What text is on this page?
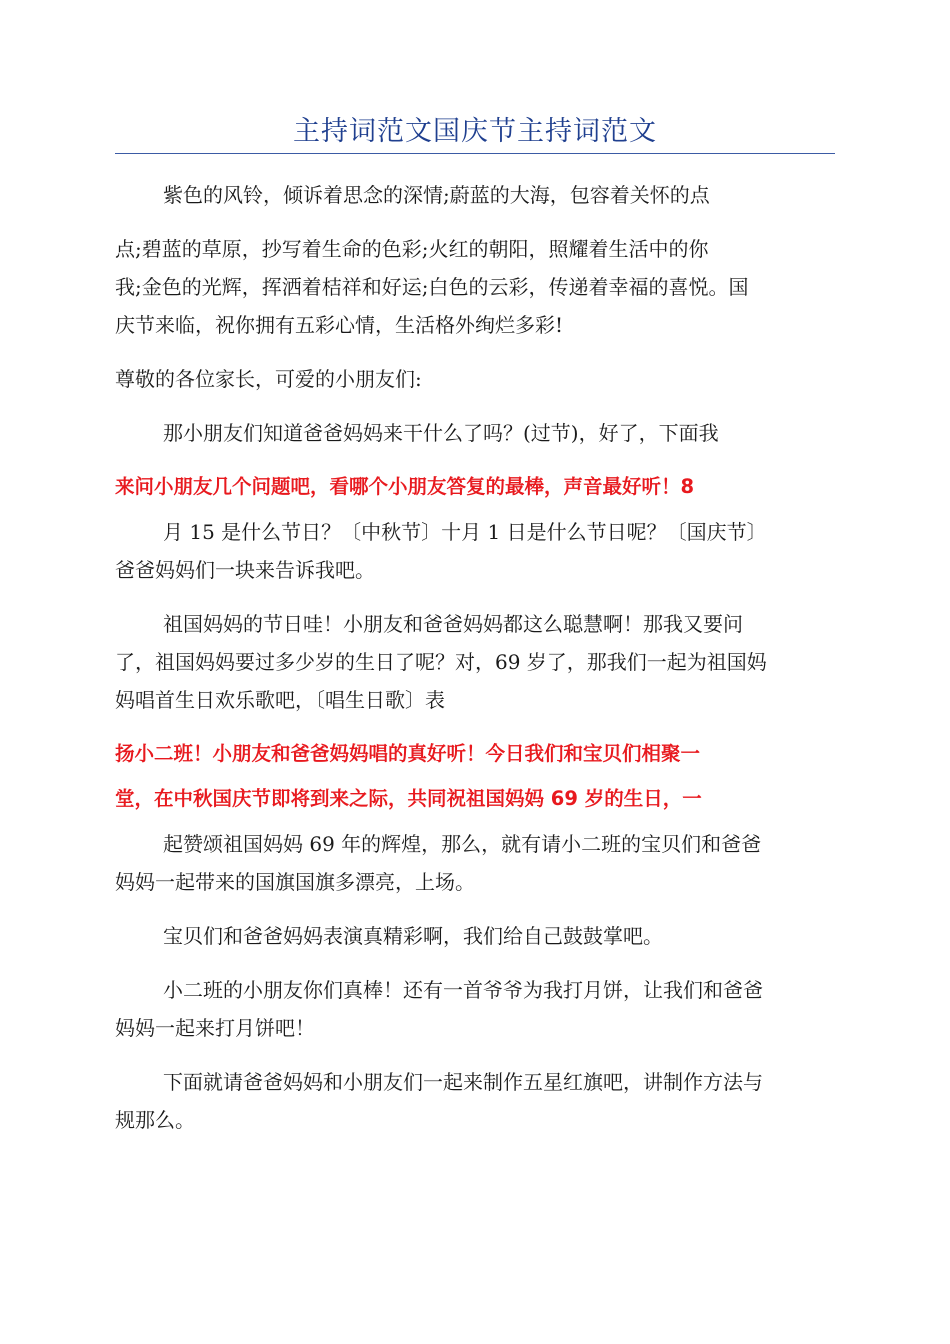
主持词范文国庆节主持词范文
紫色的风铃，倾诉着思念的深情;蔚蓝的大海，包容着关怀的点
点;碧蓝的草原，抄写着生命的色彩;火红的朝阳，照耀着生活中的你
我;金色的光辉，挥洒着桔祥和好运;白色的云彩，传递着幸福的喜悦。国
庆节来临，祝你拥有五彩心情，生活格外绚烂多彩!
尊敬的各位家长，可爱的小朋友们:
那小朋友们知道爸爸妈妈来干什么了吗？(过节)，好了，下面我
来问小朋友几个问题吧，看哪个小朋友答复的最棒，声音最好听！8
月 15 是什么节日？〔中秋节〕十月 1 日是什么节日呢？〔国庆节〕
爸爸妈妈们一块来告诉我吧。
祖国妈妈的节日哇！小朋友和爸爸妈妈都这么聪慧啊！那我又要问
了，祖国妈妈要过多少岁的生日了呢？对，69 岁了，那我们一起为祖国妈
妈唱首生日欢乐歌吧，〔唱生日歌〕表
扬小二班！小朋友和爸爸妈妈唱的真好听！今日我们和宝贝们相聚一
堂，在中秋国庆节即将到来之际，共同祝祖国妈妈 69 岁的生日，一
起赞颂祖国妈妈 69 年的辉煌，那么，就有请小二班的宝贝们和爸爸
妈妈一起带来的国旗国旗多漂亮，上场。
宝贝们和爸爸妈妈表演真精彩啊，我们给自己鼓鼓掌吧。
小二班的小朋友你们真棒！还有一首爷爷为我打月饼，让我们和爸爸
妈妈一起来打月饼吧！
下面就请爸爸妈妈和小朋友们一起来制作五星红旗吧，讲制作方法与
规那么。
